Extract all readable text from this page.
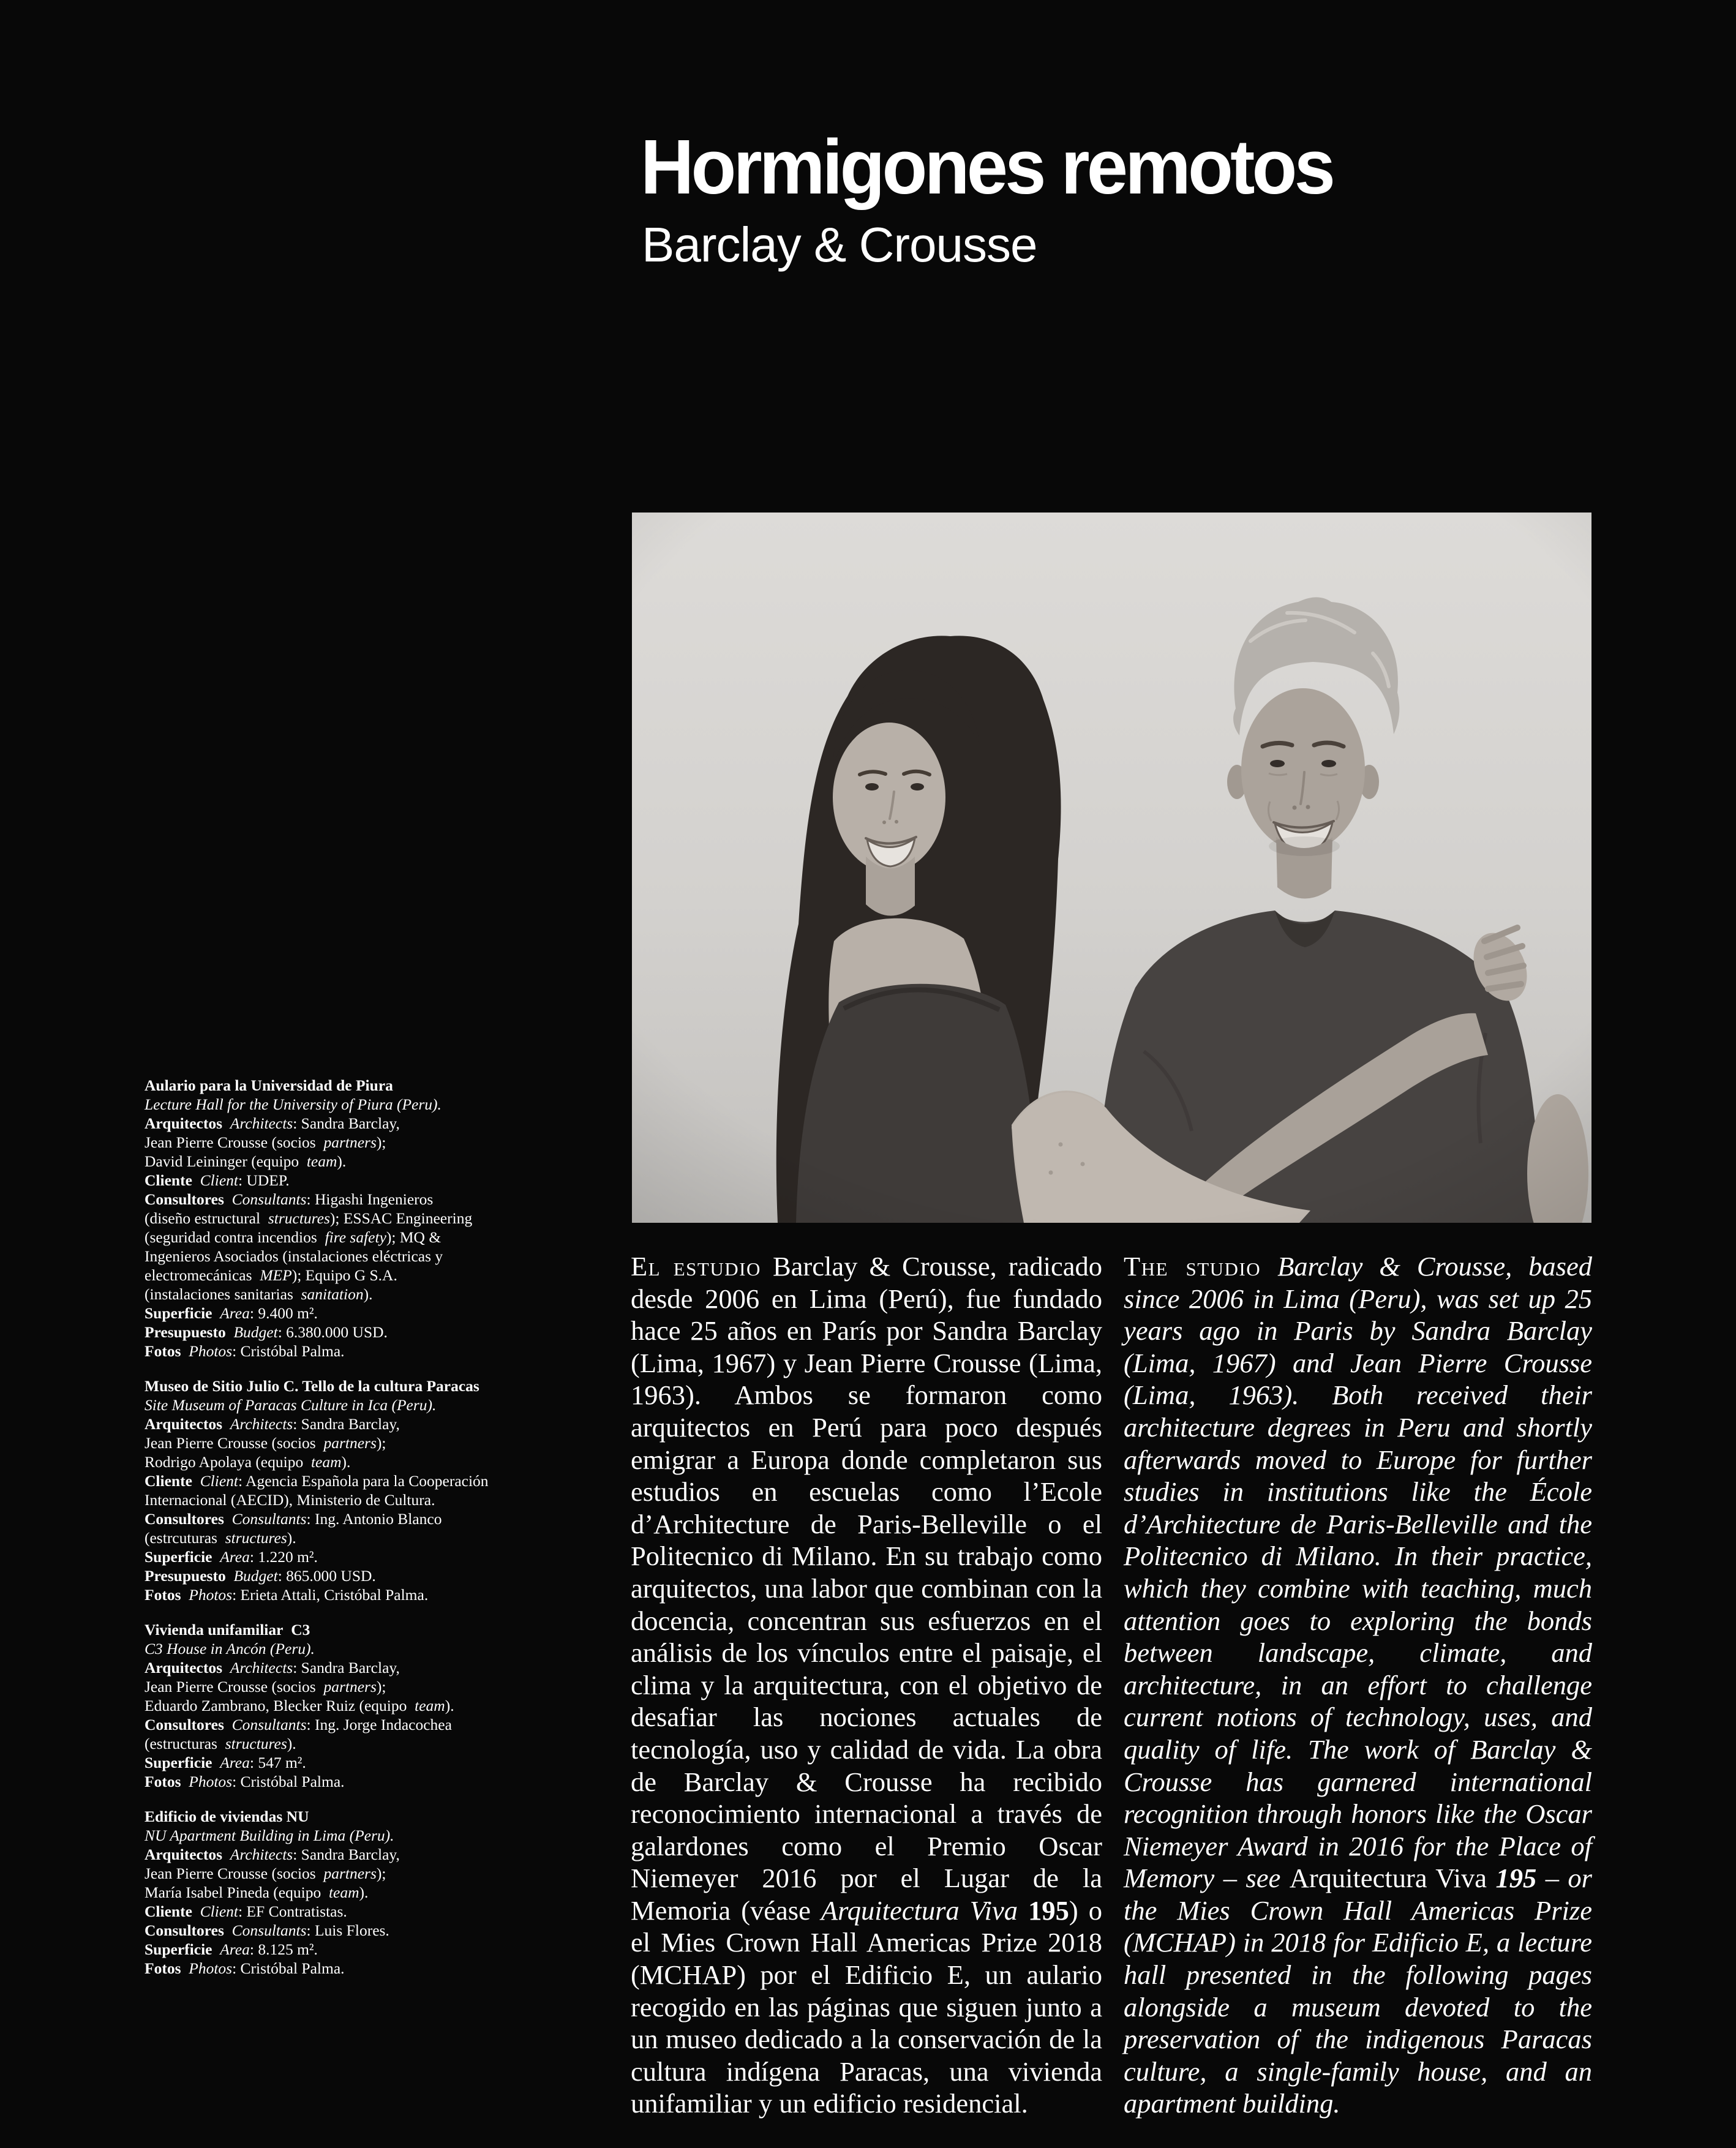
Hormigones remotos
Barclay & Crousse
Aulario para la Universidad de Piura
Lecture Hall for the University of Piura (Peru).
Arquitectos Architects: Sandra Barclay,
Jean Pierre Crousse (socios partners);
David Leininger (equipo team).
Cliente Client: UDEP.
Consultores Consultants: Higashi Ingenieros
(diseño estructural structures); ESSAC Engineering
(seguridad contra incendios fire safety); MQ &
Ingenieros Asociados (instalaciones eléctricas y
electromecánicas MEP); Equipo G S.A.
(instalaciones sanitarias sanitation).
Superficie Area: 9.400 m².
Presupuesto Budget: 6.380.000 USD.
Fotos Photos: Cristóbal Palma.
Museo de Sitio Julio C. Tello de la cultura Paracas
Site Museum of Paracas Culture in Ica (Peru).
Arquitectos Architects: Sandra Barclay,
Jean Pierre Crousse (socios partners);
Rodrigo Apolaya (equipo team).
Cliente Client: Agencia Española para la Cooperación
Internacional (AECID), Ministerio de Cultura.
Consultores Consultants: Ing. Antonio Blanco
(estrcuturas structures).
Superficie Area: 1.220 m².
Presupuesto Budget: 865.000 USD.
Fotos Photos: Erieta Attali, Cristóbal Palma.
Vivienda unifamiliar C3
C3 House in Ancón (Peru).
Arquitectos Architects: Sandra Barclay,
Jean Pierre Crousse (socios partners);
Eduardo Zambrano, Blecker Ruiz (equipo team).
Consultores Consultants: Ing. Jorge Indacochea
(estructuras structures).
Superficie Area: 547 m².
Fotos Photos: Cristóbal Palma.
Edificio de viviendas NU
NU Apartment Building in Lima (Peru).
Arquitectos Architects: Sandra Barclay,
Jean Pierre Crousse (socios partners);
María Isabel Pineda (equipo team).
Cliente Client: EF Contratistas.
Consultores Consultants: Luis Flores.
Superficie Area: 8.125 m².
Fotos Photos: Cristóbal Palma.
El estudio Barclay & Crousse, radicado desde 2006 en Lima (Perú), fue fundado hace 25 años en París por Sandra Barclay (Lima, 1967) y Jean Pierre Crousse (Lima, 1963). Ambos se formaron como arquitectos en Perú para poco después emigrar a Europa donde completaron sus estudios en escuelas como l’Ecole d’Architecture de Paris-Belleville o el Politecnico di Milano. En su trabajo como arquitectos, una labor que combinan con la docencia, concentran sus esfuerzos en el análisis de los vínculos entre el paisaje, el clima y la arquitectura, con el objetivo de desafiar las nociones actuales de tecnología, uso y calidad de vida. La obra de Barclay & Crousse ha recibido reconocimiento internacional a través de galardones como el Premio Oscar Niemeyer 2016 por el Lugar de la Memoria (véase Arquitectura Viva 195) o el Mies Crown Hall Americas Prize 2018 (MCHAP) por el Edificio E, un aulario recogido en las páginas que siguen junto a un museo dedicado a la conservación de la cultura indígena Paracas, una vivienda unifamiliar y un edificio residencial.
The studio Barclay & Crousse, based since 2006 in Lima (Peru), was set up 25 years ago in Paris by Sandra Barclay (Lima, 1967) and Jean Pierre Crousse (Lima, 1963). Both received their architecture degrees in Peru and shortly afterwards moved to Europe for further studies in institutions like the École d’Architecture de Paris-Belleville and the Politecnico di Milano. In their practice, which they combine with teaching, much attention goes to exploring the bonds between landscape, climate, and architecture, in an effort to challenge current notions of technology, uses, and quality of life. The work of Barclay & Crousse has garnered international recognition through honors like the Oscar Niemeyer Award in 2016 for the Place of Memory – see Arquitectura Viva 195 – or the Mies Crown Hall Americas Prize (MCHAP) in 2018 for Edificio E, a lecture hall presented in the following pages alongside a museum devoted to the preservation of the indigenous Paracas culture, a single-family house, and an apartment building.
